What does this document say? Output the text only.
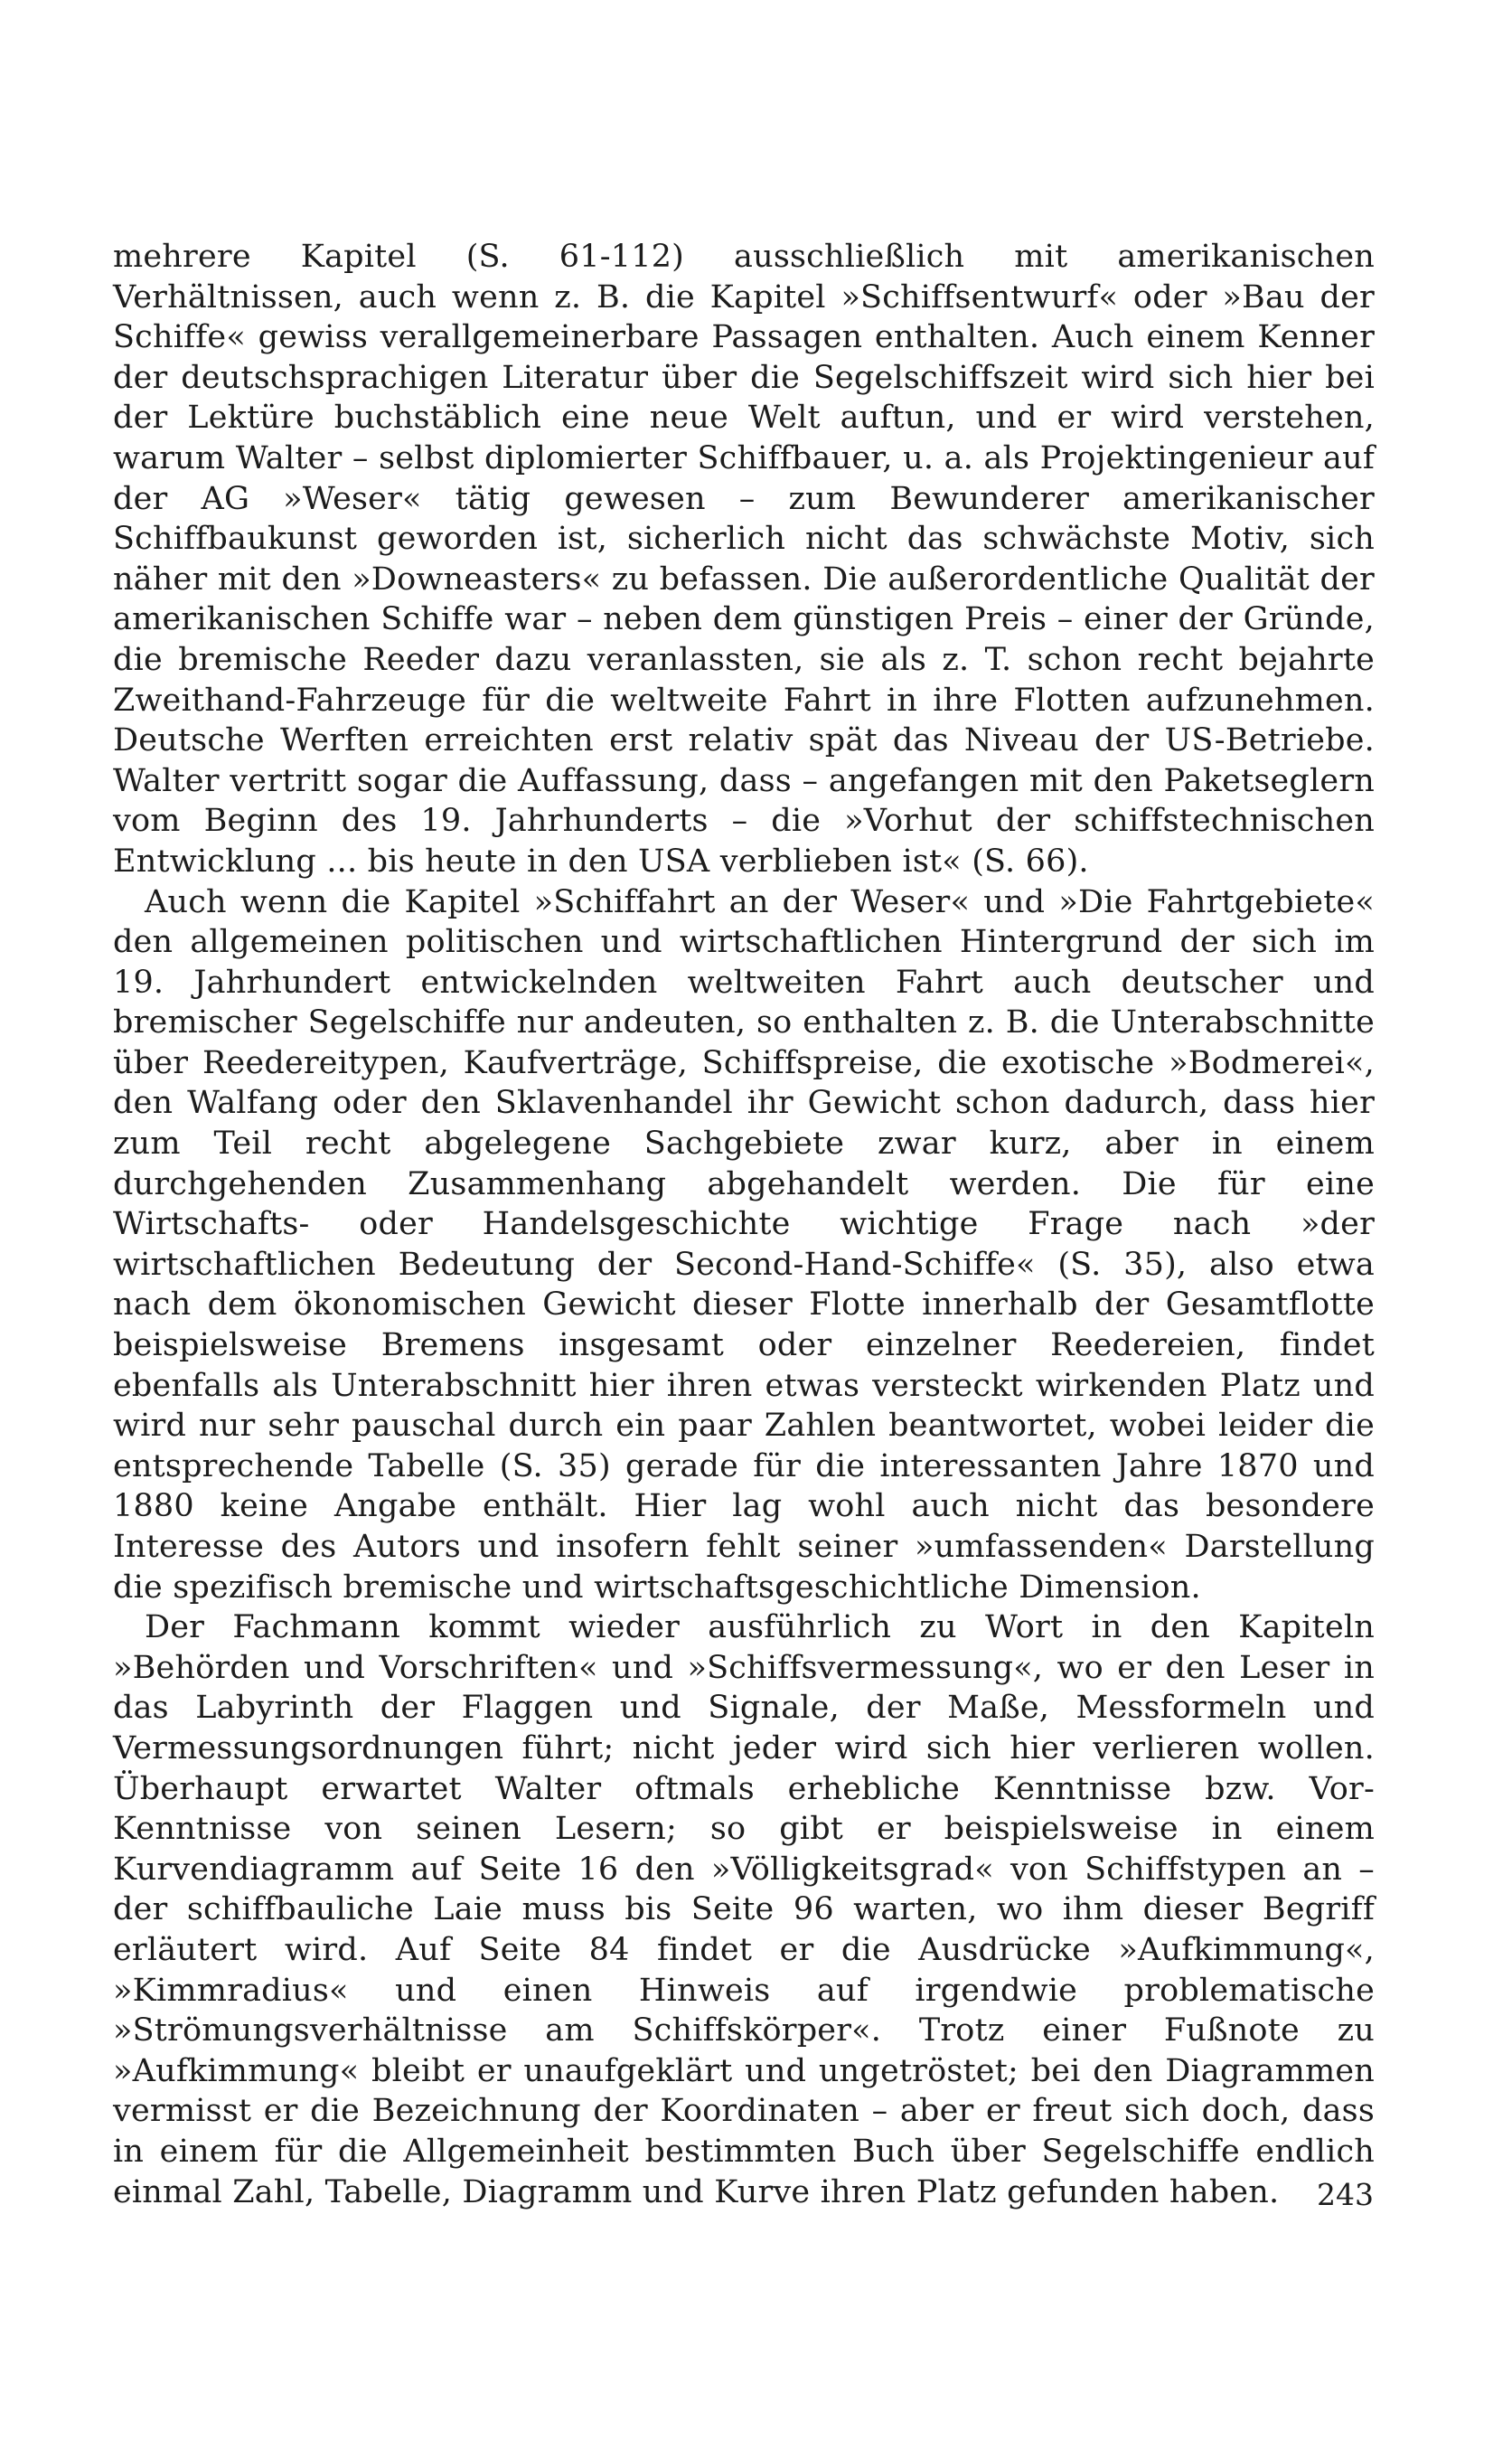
mehrere Kapitel (S. 61-112) ausschließlich mit amerikanischen Verhältnissen, auch wenn z. B. die Kapitel »Schiffsentwurf« oder »Bau der Schiffe« gewiss verallgemeinerbare Passagen enthalten. Auch einem Kenner der deutschsprachigen Literatur über die Segelschiffszeit wird sich hier bei der Lektüre buchstäblich eine neue Welt auftun, und er wird verstehen, warum Walter – selbst diplomierter Schiffbauer, u. a. als Projektingenieur auf der AG »Weser« tätig gewesen – zum Bewunderer amerikanischer Schiffbaukunst geworden ist, sicherlich nicht das schwächste Motiv, sich näher mit den »Downeasters« zu befassen. Die außerordentliche Qualität der amerikanischen Schiffe war – neben dem günstigen Preis – einer der Gründe, die bremische Reeder dazu veranlassten, sie als z. T. schon recht bejahrte Zweithand-Fahrzeuge für die weltweite Fahrt in ihre Flotten aufzunehmen. Deutsche Werften erreichten erst relativ spät das Niveau der US-Betriebe. Walter vertritt sogar die Auffassung, dass – angefangen mit den Paketseglern vom Beginn des 19. Jahrhunderts – die »Vorhut der schiffstechnischen Entwicklung ... bis heute in den USA verblieben ist« (S. 66).

Auch wenn die Kapitel »Schiffahrt an der Weser« und »Die Fahrtgebiete« den allgemeinen politischen und wirtschaftlichen Hintergrund der sich im 19. Jahrhundert entwickelnden weltweiten Fahrt auch deutscher und bremischer Segelschiffe nur andeuten, so enthalten z. B. die Unterabschnitte über Reedereitypen, Kaufverträge, Schiffspreise, die exotische »Bodmerei«, den Walfang oder den Sklavenhandel ihr Gewicht schon dadurch, dass hier zum Teil recht abgelegene Sachgebiete zwar kurz, aber in einem durchgehenden Zusammenhang abgehandelt werden. Die für eine Wirtschafts- oder Handelsgeschichte wichtige Frage nach »der wirtschaftlichen Bedeutung der Second-Hand-Schiffe« (S. 35), also etwa nach dem ökonomischen Gewicht dieser Flotte innerhalb der Gesamtflotte beispielsweise Bremens insgesamt oder einzelner Reedereien, findet ebenfalls als Unterabschnitt hier ihren etwas versteckt wirkenden Platz und wird nur sehr pauschal durch ein paar Zahlen beantwortet, wobei leider die entsprechende Tabelle (S. 35) gerade für die interessanten Jahre 1870 und 1880 keine Angabe enthält. Hier lag wohl auch nicht das besondere Interesse des Autors und insofern fehlt seiner »umfassenden« Darstellung die spezifisch bremische und wirtschaftsgeschichtliche Dimension.

Der Fachmann kommt wieder ausführlich zu Wort in den Kapiteln »Behörden und Vorschriften« und »Schiffsvermessung«, wo er den Leser in das Labyrinth der Flaggen und Signale, der Maße, Messformeln und Vermessungsordnungen führt; nicht jeder wird sich hier verlieren wollen. Überhaupt erwartet Walter oftmals erhebliche Kenntnisse bzw. Vor-Kenntnisse von seinen Lesern; so gibt er beispielsweise in einem Kurvendiagramm auf Seite 16 den »Völligkeitsgrad« von Schiffstypen an – der schiffbauliche Laie muss bis Seite 96 warten, wo ihm dieser Begriff erläutert wird. Auf Seite 84 findet er die Ausdrücke »Aufkimmung«, »Kimmradius« und einen Hinweis auf irgendwie problematische »Strömungsverhältnisse am Schiffskörper«. Trotz einer Fußnote zu »Aufkimmung« bleibt er unaufgeklärt und ungetröstet; bei den Diagrammen vermisst er die Bezeichnung der Koordinaten – aber er freut sich doch, dass in einem für die Allgemeinheit bestimmten Buch über Segelschiffe endlich einmal Zahl, Tabelle, Diagramm und Kurve ihren Platz gefunden haben.	243
